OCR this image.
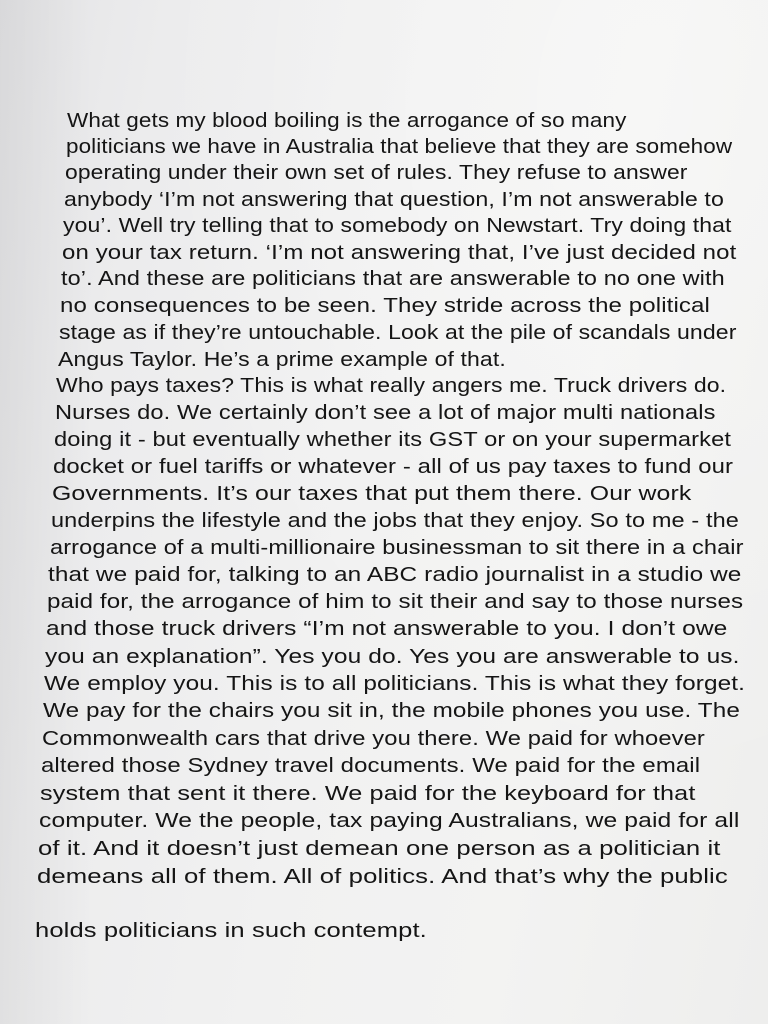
What gets my blood boiling is the arrogance of so many
politicians we have in Australia that believe that they are somehow
operating under their own set of rules. They refuse to answer
anybody ‘I’m not answering that question, I’m not answerable to
you’. Well try telling that to somebody on Newstart. Try doing that
on your tax return. ‘I’m not answering that, I’ve just decided not
to’. And these are politicians that are answerable to no one with
no consequences to be seen. They stride across the political
stage as if they’re untouchable. Look at the pile of scandals under
Angus Taylor. He’s a prime example of that.
Who pays taxes? This is what really angers me. Truck drivers do.
Nurses do. We certainly don’t see a lot of major multi nationals
doing it - but eventually whether its GST or on your supermarket
docket or fuel tariffs or whatever - all of us pay taxes to fund our
Governments. It’s our taxes that put them there. Our work
underpins the lifestyle and the jobs that they enjoy. So to me - the
arrogance of a multi-millionaire businessman to sit there in a chair
that we paid for, talking to an ABC radio journalist in a studio we
paid for, the arrogance of him to sit their and say to those nurses
and those truck drivers “I’m not answerable to you. I don’t owe
you an explanation”. Yes you do. Yes you are answerable to us.
We employ you. This is to all politicians. This is what they forget.
We pay for the chairs you sit in, the mobile phones you use. The
Commonwealth cars that drive you there. We paid for whoever
altered those Sydney travel documents. We paid for the email
system that sent it there. We paid for the keyboard for that
computer. We the people, tax paying Australians, we paid for all
of it. And it doesn’t just demean one person as a politician it
demeans all of them. All of politics. And that’s why the public
holds politicians in such contempt.
